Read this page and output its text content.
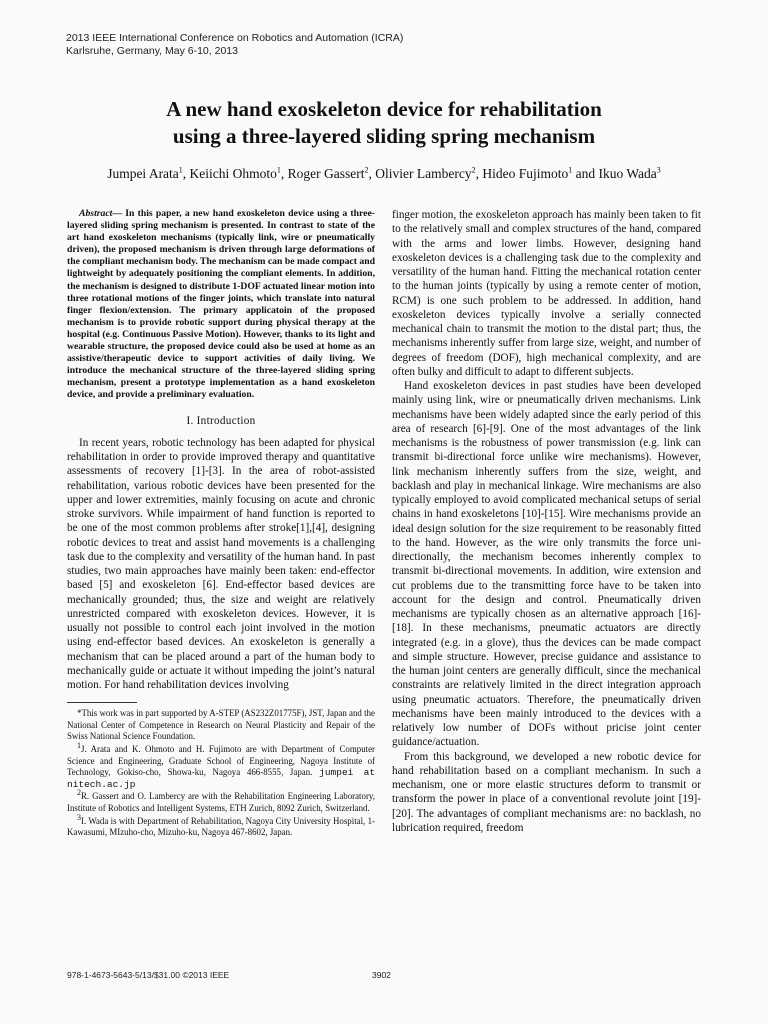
2013 IEEE International Conference on Robotics and Automation (ICRA)
Karlsruhe, Germany, May 6-10, 2013
A new hand exoskeleton device for rehabilitation
using a three-layered sliding spring mechanism
Jumpei Arata$^1$, Keiichi Ohmoto$^1$, Roger Gassert$^2$, Olivier Lambercy$^2$, Hideo Fujimoto$^1$ and Ikuo Wada$^3$
Abstract— In this paper, a new hand exoskeleton device using a three-layered sliding spring mechanism is presented. In contrast to state of the art hand exoskeleton mechanisms (typically link, wire or pneumatically driven), the proposed mechanism is driven through large deformations of the compliant mechanism body. The mechanism can be made compact and lightweight by adequately positioning the compliant elements. In addition, the mechanism is designed to distribute 1-DOF actuated linear motion into three rotational motions of the finger joints, which translate into natural finger flexion/extension. The primary applicatoin of the proposed mechanism is to provide robotic support during physical therapy at the hospital (e.g. Continuous Passive Motion). However, thanks to its light and wearable structure, the proposed device could also be used at home as an assistive/therapeutic device to support activities of daily living. We introduce the mechanical structure of the three-layered sliding spring mechanism, present a prototype implementation as a hand exoskeleton device, and provide a preliminary evaluation.
I. Introduction

In recent years, robotic technology has been adapted for physical rehabilitation in order to provide improved therapy and quantitative assessments of recovery [1]-[3]. In the area of robot-assisted rehabilitation, various robotic devices have been presented for the upper and lower extremities, mainly focusing on acute and chronic stroke survivors. While impairment of hand function is reported to be one of the most common problems after stroke[1],[4], designing robotic devices to treat and assist hand movements is a challenging task due to the complexity and versatility of the human hand. In past studies, two main approaches have mainly been taken: end-effector based [5] and exoskeleton [6]. End-effector based devices are mechanically grounded; thus, the size and weight are relatively unrestricted compared with exoskeleton devices. However, it is usually not possible to control each joint involved in the motion using end-effector based devices. An exoskeleton is generally a mechanism that can be placed around a part of the human body to mechanically guide or actuate it without impeding the joint’s natural motion. For hand rehabilitation devices involving

*This work was in part supported by A-STEP (AS232Z01775F), JST, Japan and the National Center of Competence in Research on Neural Plasticity and Repair of the Swiss National Science Foundation.
$^1$J. Arata and K. Ohmoto and H. Fujimoto are with Department of Computer Science and Engineering, Graduate School of Engineering, Nagoya Institute of Technology, Gokiso-cho, Showa-ku, Nagoya 466-8555, Japan. jumpei at nitech.ac.jp
$^2$R. Gassert and O. Lambercy are with the Rehabilitation Engineering Laboratory, Institute of Robotics and Intelligent Systems, ETH Zurich, 8092 Zurich, Switzerland.
$^3$I. Wada is with Department of Rehabilitation, Nagoya City University Hospital, 1-Kawasumi, MIzuho-cho, Mizuho-ku, Nagoya 467-8602, Japan.

finger motion, the exoskeleton approach has mainly been taken to fit to the relatively small and complex structures of the hand, compared with the arms and lower limbs. However, designing hand exoskeleton devices is a challenging task due to the complexity and versatility of the human hand. Fitting the mechanical rotation center to the human joints (typically by using a remote center of motion, RCM) is one such problem to be addressed. In addition, hand exoskeleton devices typically involve a serially connected mechanical chain to transmit the motion to the distal part; thus, the mechanisms inherently suffer from large size, weight, and number of degrees of freedom (DOF), high mechanical complexity, and are often bulky and difficult to adapt to different subjects.

Hand exoskeleton devices in past studies have been developed mainly using link, wire or pneumatically driven mechanisms. Link mechanisms have been widely adapted since the early period of this area of research [6]-[9]. One of the most advantages of the link mechanisms is the robustness of power transmission (e.g. link can transmit bi-directional force unlike wire mechanisms). However, link mechanism inherently suffers from the size, weight, and backlash and play in mechanical linkage. Wire mechanisms are also typically employed to avoid complicated mechanical setups of serial chains in hand exoskeletons [10]-[15]. Wire mechanisms provide an ideal design solution for the size requirement to be reasonably fitted to the hand. However, as the wire only transmits the force uni-directionally, the mechanism becomes inherently complex to transmit bi-directional movements. In addition, wire extension and cut problems due to the transmitting force have to be taken into account for the design and control. Pneumatically driven mechanisms are typically chosen as an alternative approach [16]-[18]. In these mechanisms, pneumatic actuators are directly integrated (e.g. in a glove), thus the devices can be made compact and simple structure. However, precise guidance and assistance to the human joint centers are generally difficult, since the mechanical constraints are relatively limited in the direct integration approach using pneumatic actuators. Therefore, the pneumatically driven mechanisms have been mainly introduced to the devices with a relatively low number of DOFs without pricise joint center guidance/actuation.

From this background, we developed a new robotic device for hand rehabilitation based on a compliant mechanism. In such a mechanism, one or more elastic structures deform to transmit or transform the power in place of a conventional revolute joint [19]-[20]. The advantages of compliant mechanisms are: no backlash, no lubrication required, freedom

978-1-4673-5643-5/13/$31.00 ©2013 IEEE	3902
